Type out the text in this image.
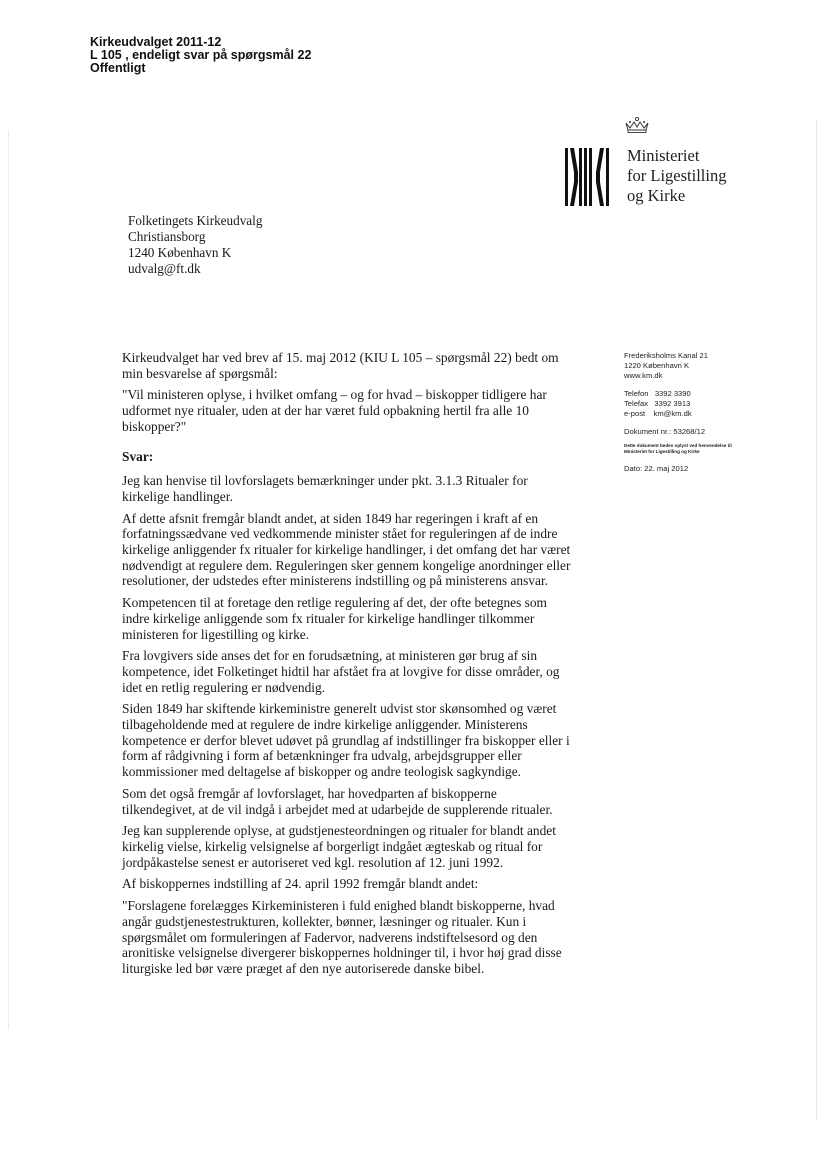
Kirkeudvalget 2011-12
L 105 , endeligt svar på spørgsmål 22
Offentligt
Ministeriet
for Ligestilling
og Kirke
Folketingets Kirkeudvalg
Christiansborg
1240 København K
udvalg@ft.dk
Frederiksholms Kanal 21
1220 København K
www.km.dk
Telefon   3392 3390
Telefax   3392 3913
e-post    km@km.dk
Dokument nr.: 53268/12
Dette dokument bedes oplyst ved henvendelse til Ministeriet for Ligestilling og Kirke
Dato: 22. maj 2012

Kirkeudvalget har ved brev af 15. maj 2012 (KIU L 105 – spørgsmål 22) bedt om min besvarelse af spørgsmål:

"Vil ministeren oplyse, i hvilket omfang – og for hvad – biskopper tidligere har udformet nye ritualer, uden at der har været fuld opbakning hertil fra alle 10 biskopper?"

Svar:

Jeg kan henvise til lovforslagets bemærkninger under pkt. 3.1.3 Ritualer for kirkelige handlinger.

Af dette afsnit fremgår blandt andet, at siden 1849 har regeringen i kraft af en forfatningssædvane ved vedkommende minister stået for reguleringen af de indre kirkelige anliggender fx ritualer for kirkelige handlinger, i det omfang det har været nødvendigt at regulere dem. Reguleringen sker gennem kongelige anordninger eller resolutioner, der udstedes efter ministerens indstilling og på ministerens ansvar.

Kompetencen til at foretage den retlige regulering af det, der ofte betegnes som indre kirkelige anliggende som fx ritualer for kirkelige handlinger tilkommer ministeren for ligestilling og kirke.

Fra lovgivers side anses det for en forudsætning, at ministeren gør brug af sin kompetence, idet Folketinget hidtil har afstået fra at lovgive for disse områder, og idet en retlig regulering er nødvendig.

Siden 1849 har skiftende kirkeministre generelt udvist stor skønsomhed og været tilbageholdende med at regulere de indre kirkelige anliggender. Ministerens kompetence er derfor blevet udøvet på grundlag af indstillinger fra biskopper eller i form af rådgivning i form af betænkninger fra udvalg, arbejdsgrupper eller kommissioner med deltagelse af biskopper og andre teologisk sagkyndige.

Som det også fremgår af lovforslaget, har hovedparten af biskopperne tilkendegivet, at de vil indgå i arbejdet med at udarbejde de supplerende ritualer.

Jeg kan supplerende oplyse, at gudstjenesteordningen og ritualer for blandt andet kirkelig vielse, kirkelig velsignelse af borgerligt indgået ægteskab og ritual for jordpåkastelse senest er autoriseret ved kgl. resolution af 12. juni 1992.

Af biskoppernes indstilling af 24. april 1992 fremgår blandt andet:

"Forslagene forelægges Kirkeministeren i fuld enighed blandt biskopperne, hvad angår gudstjenestestrukturen, kollekter, bønner, læsninger og ritualer. Kun i spørgsmålet om formuleringen af Fadervor, nadverens indstiftelsesord og den aronitiske velsignelse divergerer biskoppernes holdninger til, i hvor høj grad disse liturgiske led bør være præget af den nye autoriserede danske bibel.
